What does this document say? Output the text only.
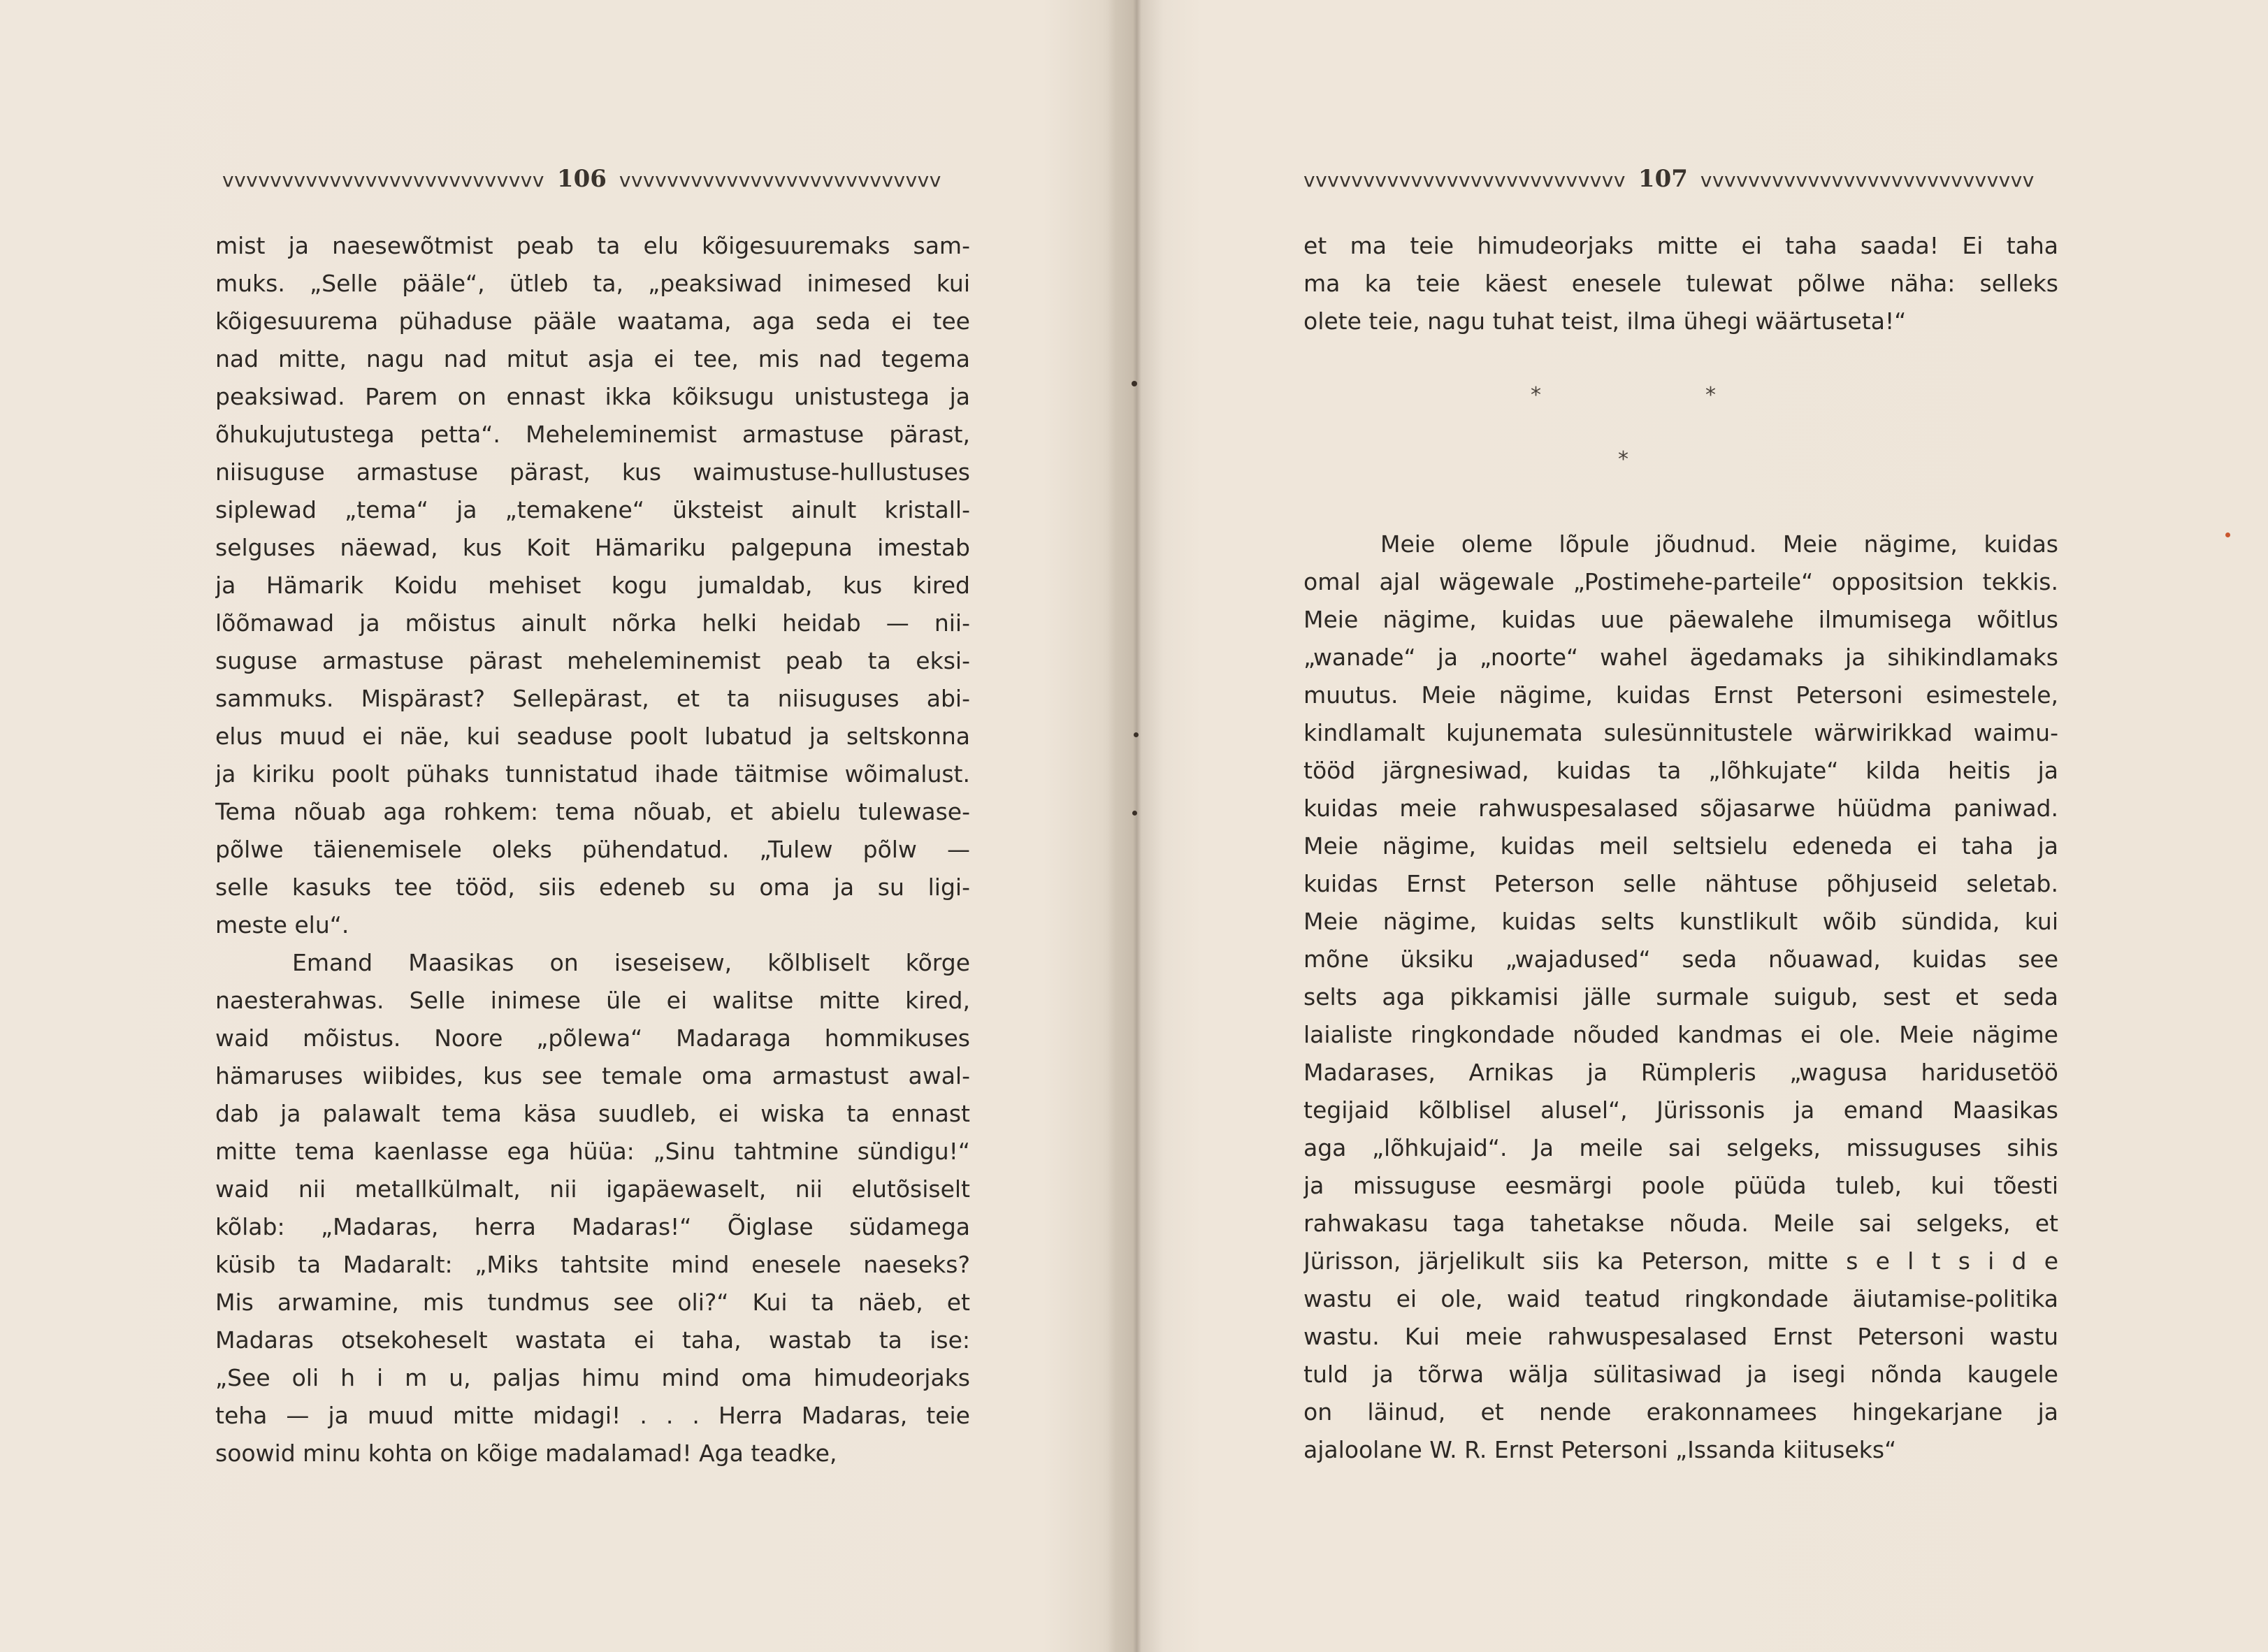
vvvvvvvvvvvvvvvvvvvvvvvvvvv 106 vvvvvvvvvvvvvvvvvvvvvvvvvvv
mist ja naesewõtmist peab ta elu kõigesuuremaks sam-
muks. „Selle pääle“, ütleb ta, „peaksiwad inimesed kui
kõigesuurema pühaduse pääle waatama, aga seda ei tee
nad mitte, nagu nad mitut asja ei tee, mis nad tegema
peaksiwad. Parem on ennast ikka kõiksugu unistustega ja
õhukujutustega petta“. Meheleminemist armastuse pärast,
niisuguse armastuse pärast, kus waimustuse-hullustuses
siplewad „tema“ ja „temakene“ üksteist ainult kristall-
selguses näewad, kus Koit Hämariku palgepuna imestab
ja Hämarik Koidu mehiset kogu jumaldab, kus kired
lõõmawad ja mõistus ainult nõrka helki heidab — nii-
suguse armastuse pärast meheleminemist peab ta eksi-
sammuks. Mispärast? Sellepärast, et ta niisuguses abi-
elus muud ei näe, kui seaduse poolt lubatud ja seltskonna
ja kiriku poolt pühaks tunnistatud ihade täitmise wõimalust.
Tema nõuab aga rohkem: tema nõuab, et abielu tulewase-
põlwe täienemisele oleks pühendatud. „Tulew põlw —
selle kasuks tee tööd, siis edeneb su oma ja su ligi-
meste elu“.
Emand Maasikas on iseseisew, kõlbliselt kõrge
naesterahwas. Selle inimese üle ei walitse mitte kired,
waid mõistus. Noore „põlewa“ Madaraga hommikuses
hämaruses wiibides, kus see temale oma armastust awal-
dab ja palawalt tema käsa suudleb, ei wiska ta ennast
mitte tema kaenlasse ega hüüa: „Sinu tahtmine sündigu!“
waid nii metallkülmalt, nii igapäewaselt, nii elutõsiselt
kõlab: „Madaras, herra Madaras!“ Õiglase südamega
küsib ta Madaralt: „Miks tahtsite mind enesele naeseks?
Mis arwamine, mis tundmus see oli?“ Kui ta näeb, et
Madaras otsekoheselt wastata ei taha, wastab ta ise:
„See oli h i m u, paljas himu mind oma himudeorjaks
teha — ja muud mitte midagi! . . . Herra Madaras, teie
soowid minu kohta on kõige madalamad! Aga teadke,
vvvvvvvvvvvvvvvvvvvvvvvvvvv 107 vvvvvvvvvvvvvvvvvvvvvvvvvvvv
et ma teie himudeorjaks mitte ei taha saada! Ei taha
ma ka teie käest enesele tulewat põlwe näha: selleks
olete teie, nagu tuhat teist, ilma ühegi wäärtuseta!“
*	*
*
Meie oleme lõpule jõudnud. Meie nägime, kuidas
omal ajal wägewale „Postimehe-parteile“ oppositsion tekkis.
Meie nägime, kuidas uue päewalehe ilmumisega wõitlus
„wanade“ ja „noorte“ wahel ägedamaks ja sihikindlamaks
muutus. Meie nägime, kuidas Ernst Petersoni esimestele,
kindlamalt kujunemata sulesünnitustele wärwirikkad waimu-
tööd järgnesiwad, kuidas ta „lõhkujate“ kilda heitis ja
kuidas meie rahwuspesalased sõjasarwe hüüdma paniwad.
Meie nägime, kuidas meil seltsielu edeneda ei taha ja
kuidas Ernst Peterson selle nähtuse põhjuseid seletab.
Meie nägime, kuidas selts kunstlikult wõib sündida, kui
mõne üksiku „wajadused“ seda nõuawad, kuidas see
selts aga pikkamisi jälle surmale suigub, sest et seda
laialiste ringkondade nõuded kandmas ei ole. Meie nägime
Madarases, Arnikas ja Rümpleris „wagusa haridusetöö
tegijaid kõlblisel alusel“, Jürissonis ja emand Maasikas
aga „lõhkujaid“. Ja meile sai selgeks, missuguses sihis
ja missuguse eesmärgi poole püüda tuleb, kui tõesti
rahwakasu taga tahetakse nõuda. Meile sai selgeks, et
Jürisson, järjelikult siis ka Peterson, mitte s e l t s i d e
wastu ei ole, waid teatud ringkondade äiutamise-politika
wastu. Kui meie rahwuspesalased Ernst Petersoni wastu
tuld ja tõrwa wälja sülitasiwad ja isegi nõnda kaugele
on läinud, et nende erakonnamees hingekarjane ja
ajaloolane W. R. Ernst Petersoni „Issanda kiituseks“
